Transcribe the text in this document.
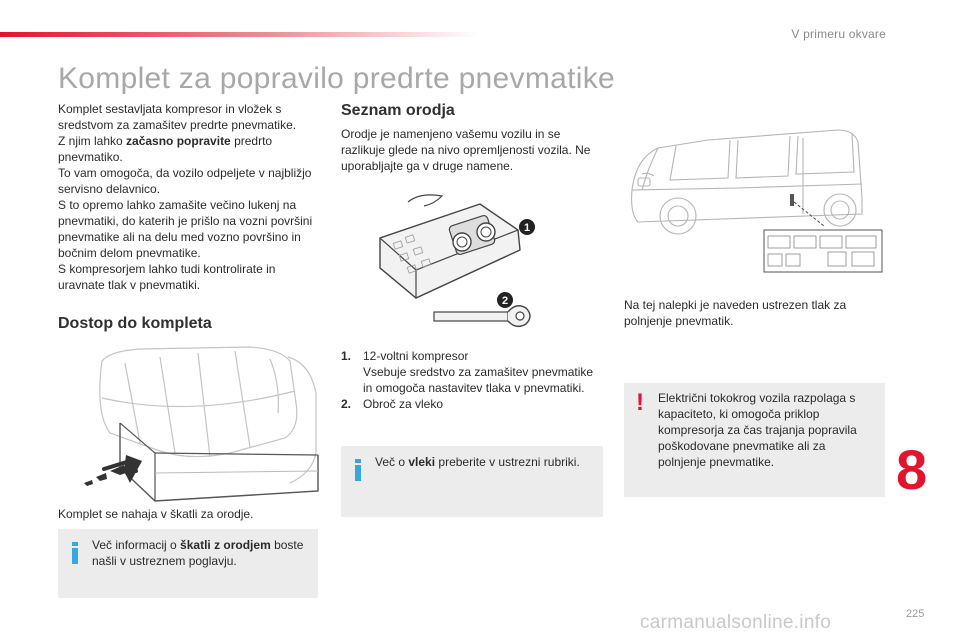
V primeru okvare
Komplet za popravilo predrte pnevmatike

Komplet sestavljata kompresor in vložek s sredstvom za zamašitev predrte pnevmatike.

Z njim lahko začasno popravite predrto pnevmatiko.

To vam omogoča, da vozilo odpeljete v najbližjo servisno delavnico.

S to opremo lahko zamašite večino lukenj na pnevmatiki, do katerih je prišlo na vozni površini pnevmatike ali na delu med vozno površino in bočnim delom pnevmatike.

S kompresorjem lahko tudi kontrolirate in uravnate tlak v pnevmatiki.

Dostop do kompleta
Komplet se nahaja v škatli za orodje.
Več informacij o škatli z orodjem boste našli v ustreznem poglavju.
Seznam orodja
Orodje je namenjeno vašemu vozilu in se razlikuje glede na nivo opremljenosti vozila. Ne uporabljajte ga v druge namene.
1
2
1. 12-voltni kompresor
Vsebuje sredstvo za zamašitev pnevmatike in omogoča nastavitev tlaka v pnevmatiki.
2. Obroč za vleko
Več o vleki preberite v ustrezni rubriki.
Na tej nalepki je naveden ustrezen tlak za polnjenje pnevmatik.
! Električni tokokrog vozila razpolaga s kapaciteto, ki omogoča priklop kompresorja za čas trajanja popravila poškodovane pnevmatike ali za polnjenje pnevmatike.	8
225
carmanualsonline.info
